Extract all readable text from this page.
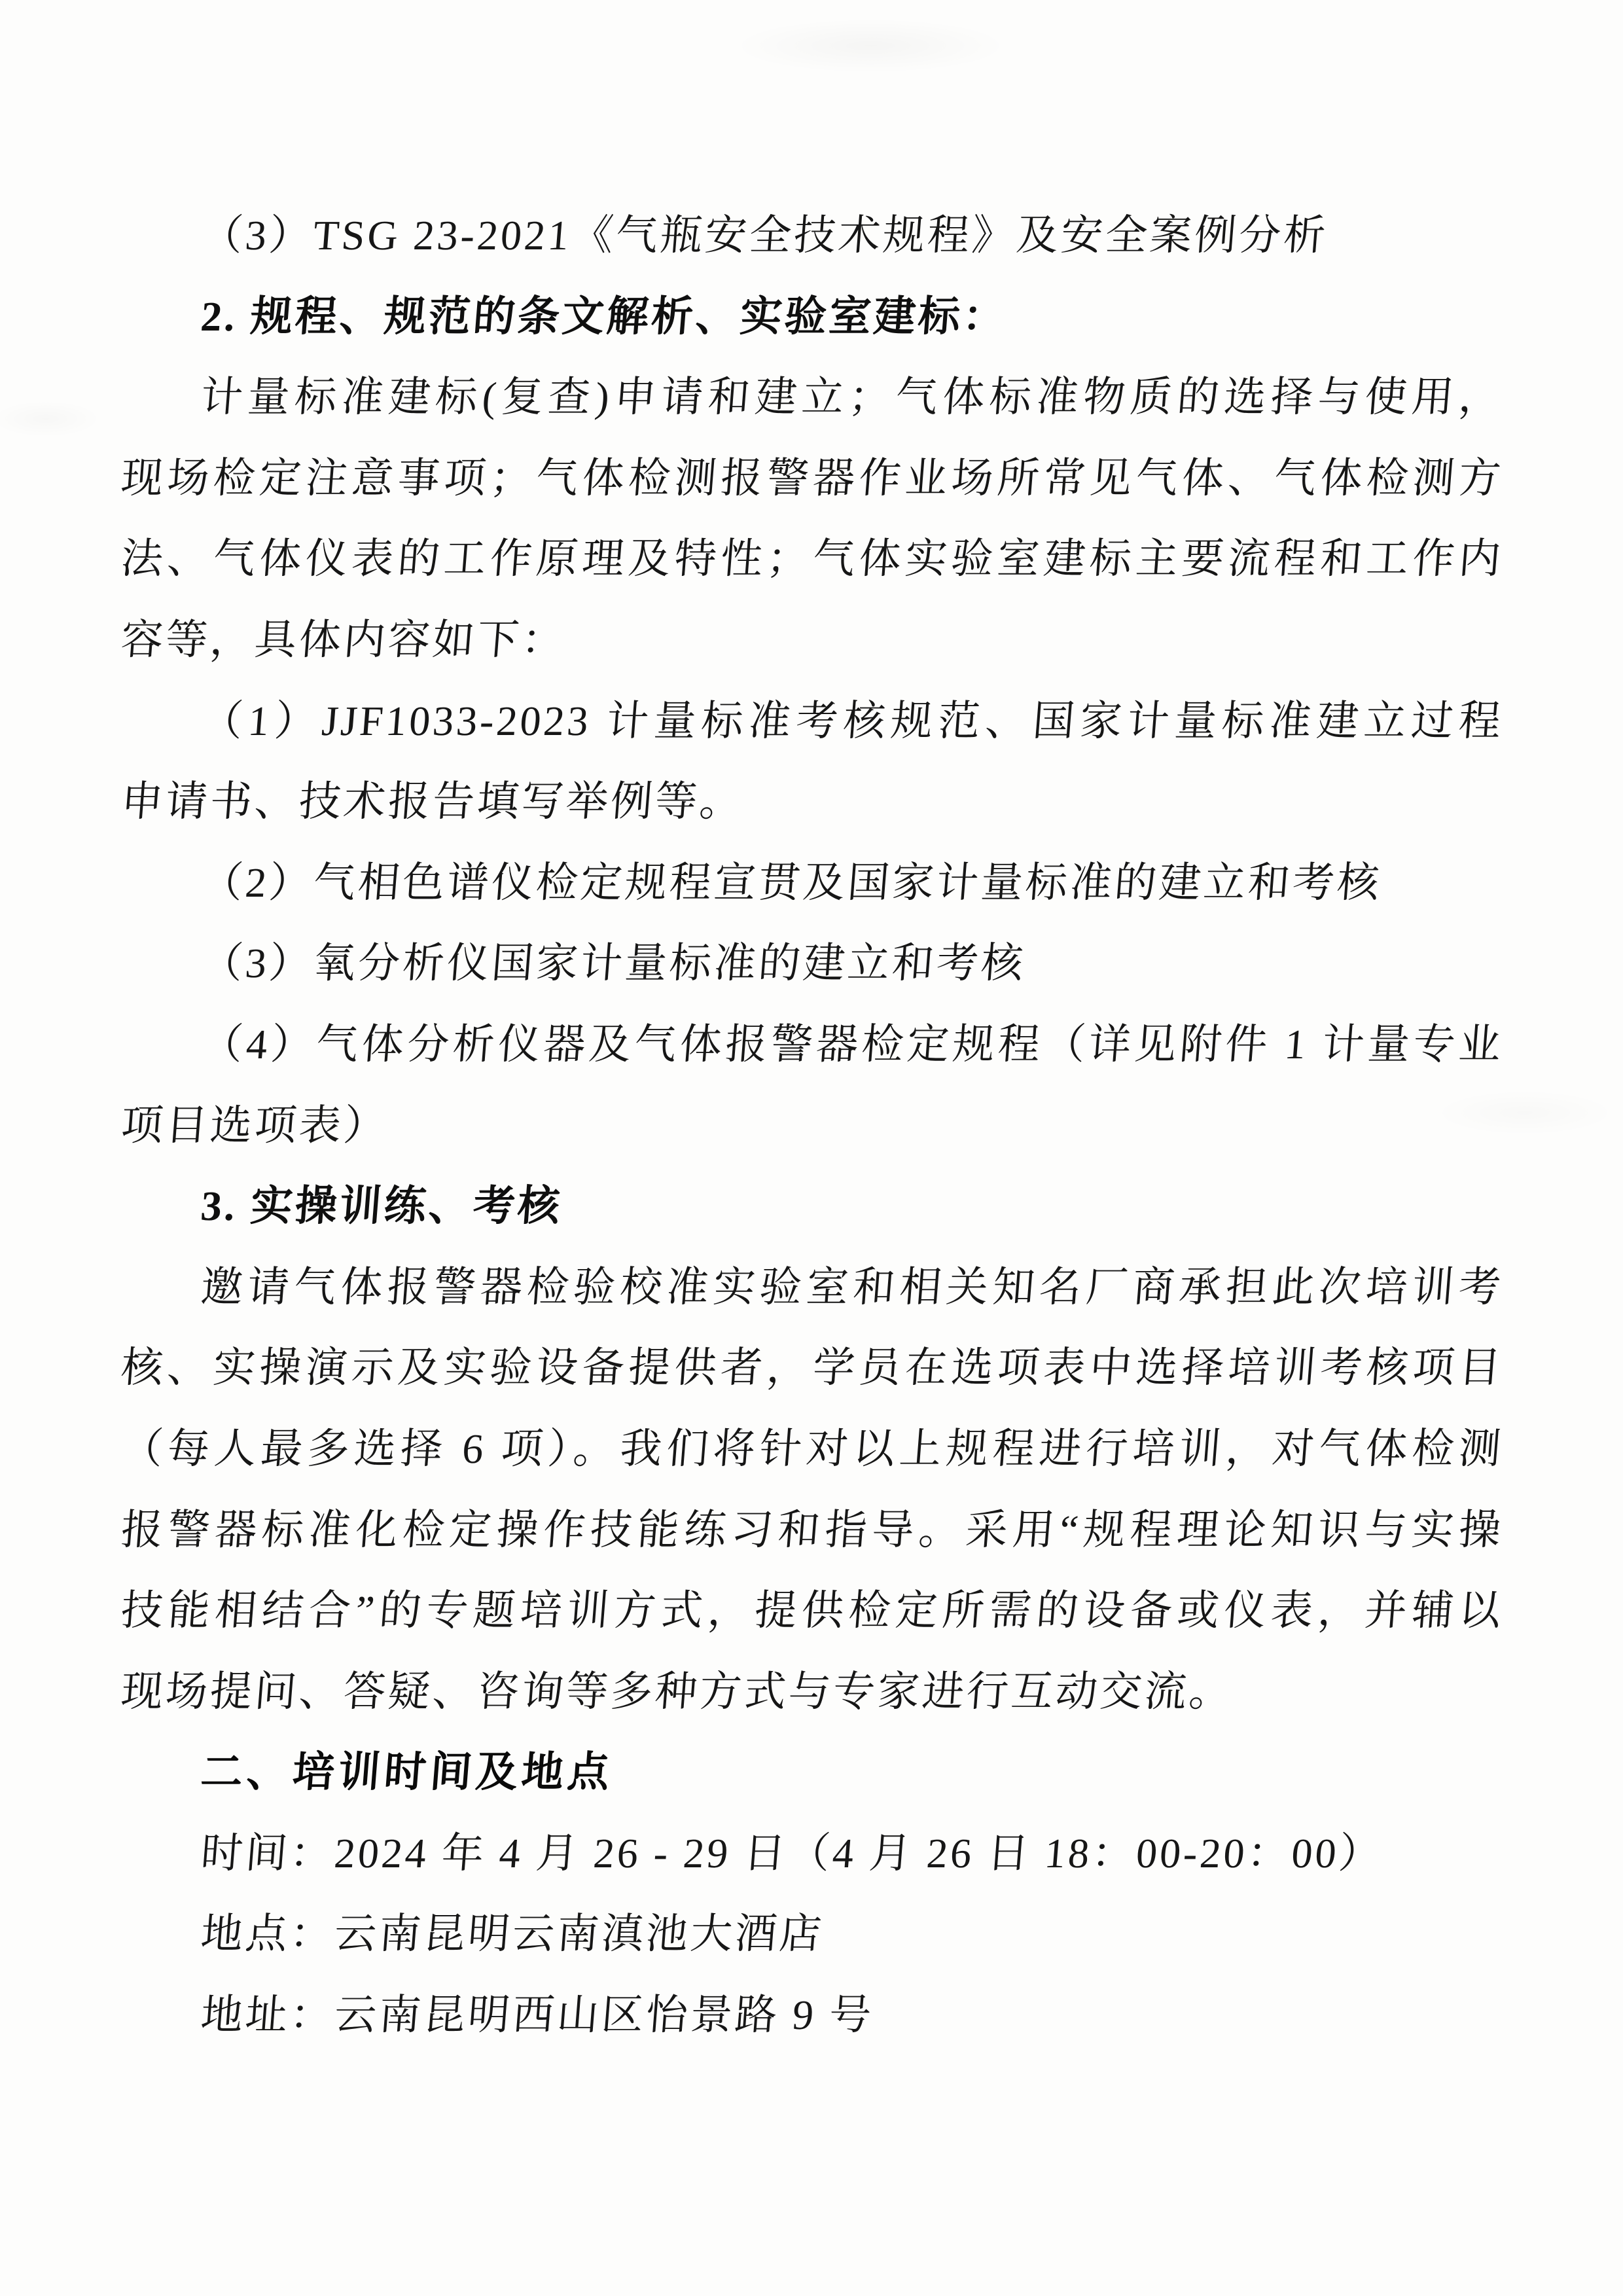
（3）TSG 23-2021《气瓶安全技术规程》及安全案例分析
2. 规程、规范的条文解析、实验室建标：
计量标准建标(复查)申请和建立；气体标准物质的选择与使用，
现场检定注意事项；气体检测报警器作业场所常见气体、气体检测方
法、气体仪表的工作原理及特性；气体实验室建标主要流程和工作内
容等，具体内容如下：
（1）JJF1033-2023 计量标准考核规范、国家计量标准建立过程
申请书、技术报告填写举例等。
（2）气相色谱仪检定规程宣贯及国家计量标准的建立和考核
（3）氧分析仪国家计量标准的建立和考核
（4）气体分析仪器及气体报警器检定规程（详见附件 1 计量专业
项目选项表）
3. 实操训练、考核
邀请气体报警器检验校准实验室和相关知名厂商承担此次培训考
核、实操演示及实验设备提供者，学员在选项表中选择培训考核项目
（每人最多选择 6 项）。我们将针对以上规程进行培训，对气体检测
报警器标准化检定操作技能练习和指导。采用“规程理论知识与实操
技能相结合”的专题培训方式，提供检定所需的设备或仪表，并辅以
现场提问、答疑、咨询等多种方式与专家进行互动交流。
二、培训时间及地点
时间：2024 年 4 月 26 - 29 日（4 月 26 日 18：00-20：00）
地点：云南昆明云南滇池大酒店
地址：云南昆明西山区怡景路 9 号
